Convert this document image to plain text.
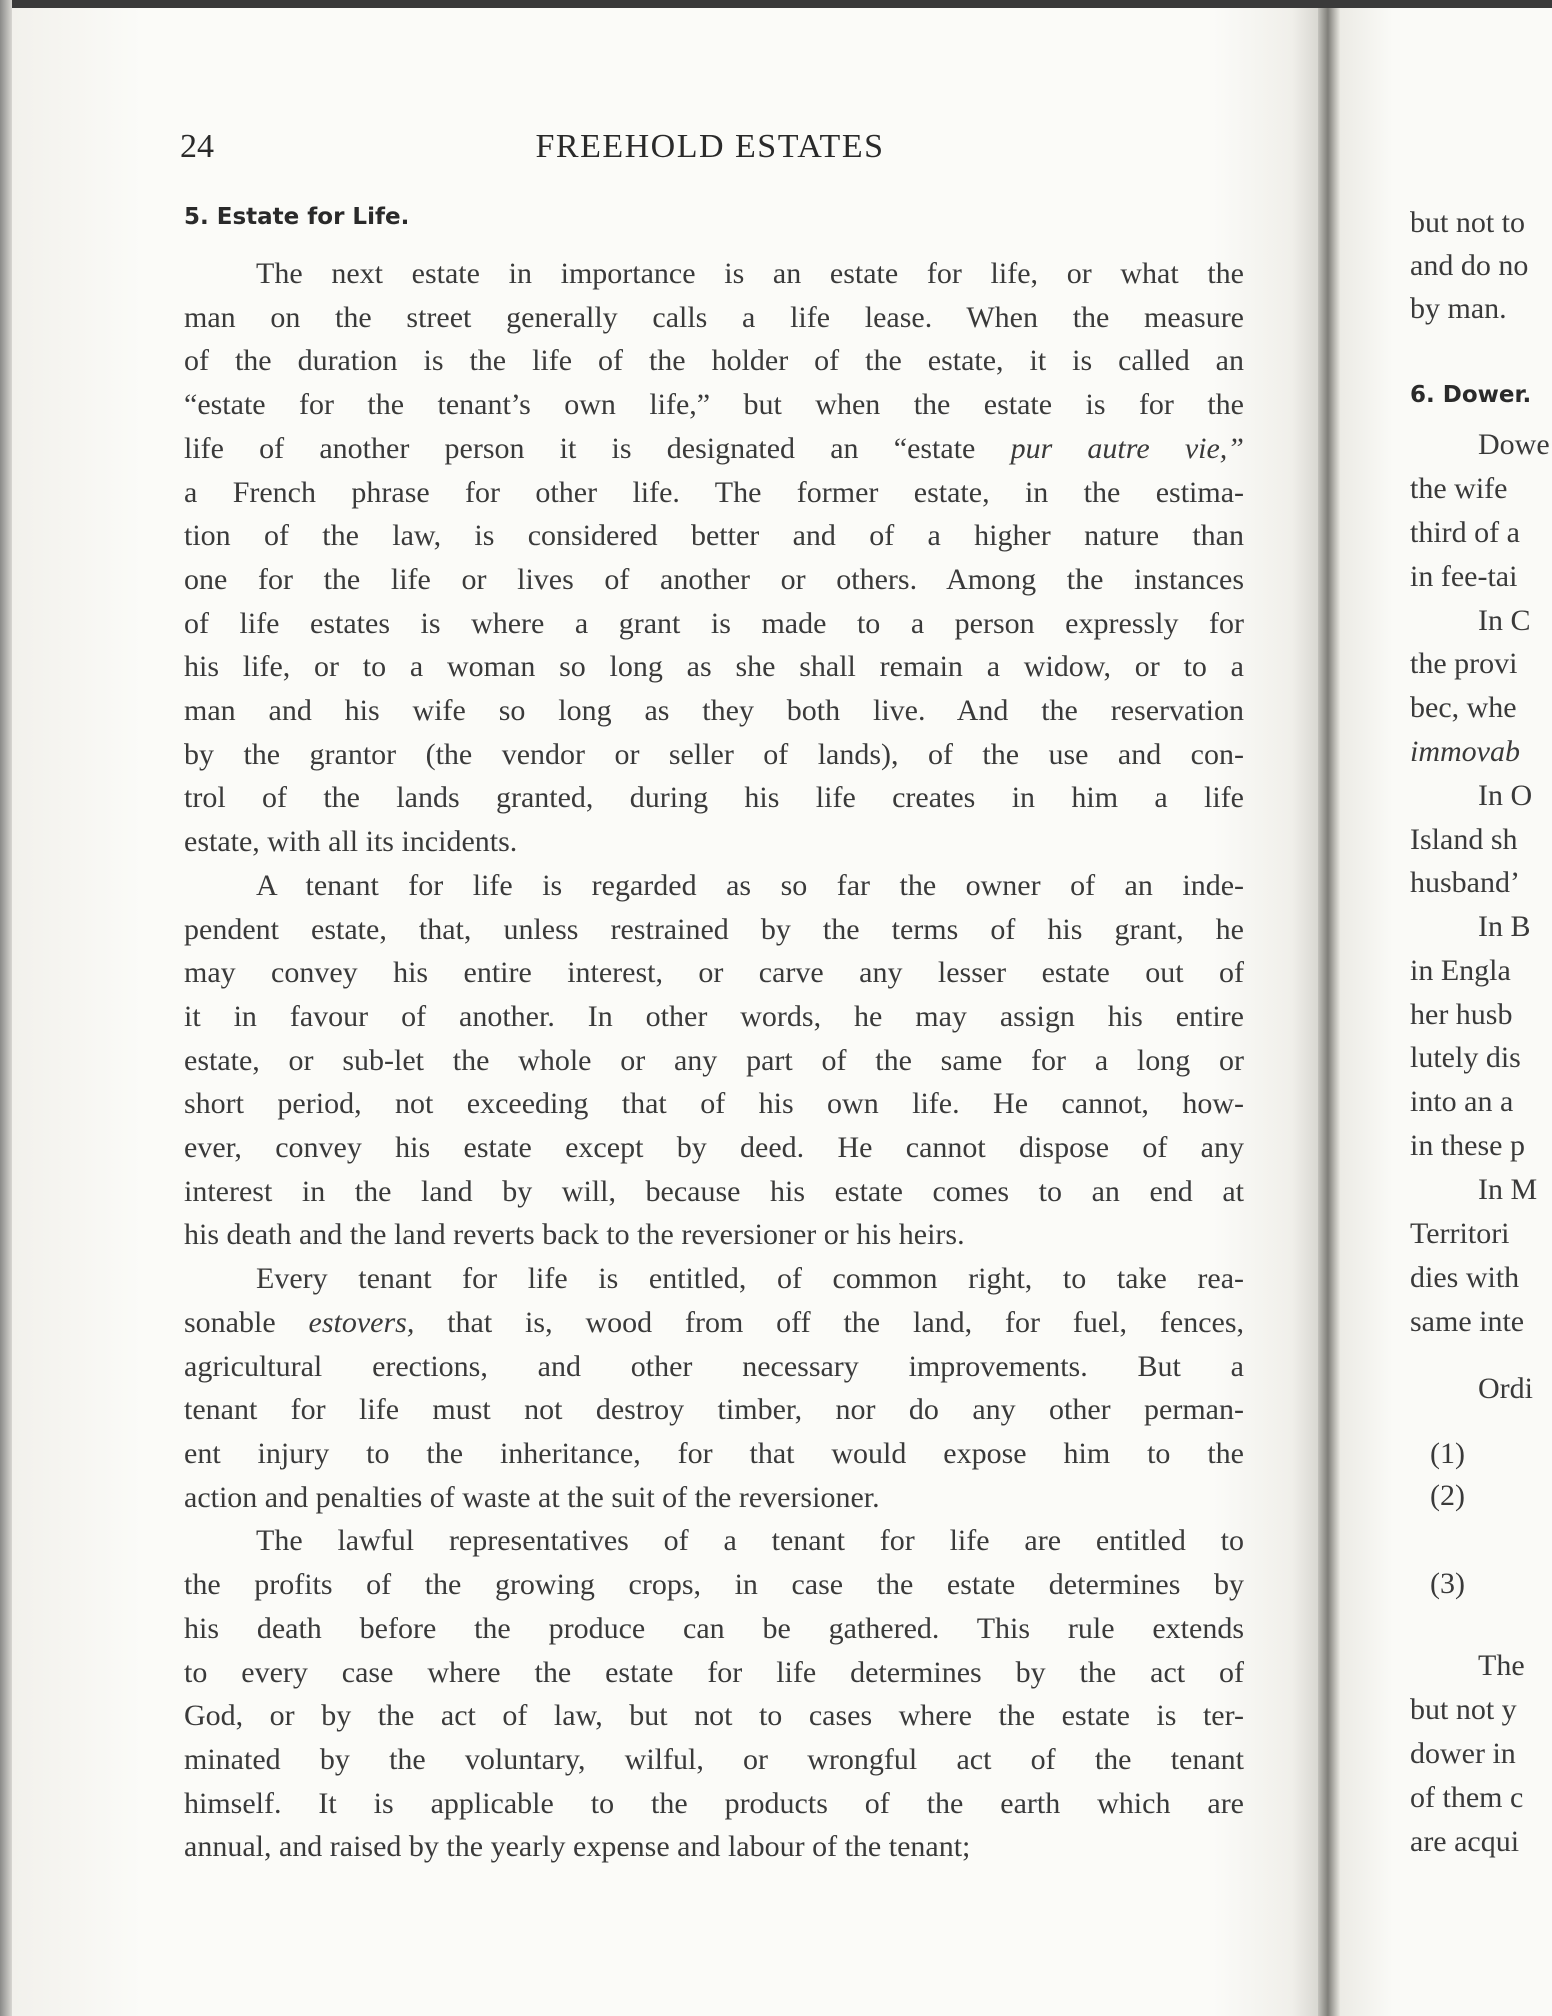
24	FREEHOLD ESTATES
5. Estate for Life.

The next estate in importance is an estate for life, or what the
man on the street generally calls a life lease. When the measure
of the duration is the life of the holder of the estate, it is called an
“estate for the tenant’s own life,” but when the estate is for the
life of another person it is designated an “estate pur autre vie,”
a French phrase for other life. The former estate, in the estima-
tion of the law, is considered better and of a higher nature than
one for the life or lives of another or others. Among the instances
of life estates is where a grant is made to a person expressly for
his life, or to a woman so long as she shall remain a widow, or to a
man and his wife so long as they both live. And the reservation
by the grantor (the vendor or seller of lands), of the use and con-
trol of the lands granted, during his life creates in him a life
estate, with all its incidents.

A tenant for life is regarded as so far the owner of an inde-
pendent estate, that, unless restrained by the terms of his grant, he
may convey his entire interest, or carve any lesser estate out of
it in favour of another. In other words, he may assign his entire
estate, or sub-let the whole or any part of the same for a long or
short period, not exceeding that of his own life. He cannot, how-
ever, convey his estate except by deed. He cannot dispose of any
interest in the land by will, because his estate comes to an end at
his death and the land reverts back to the reversioner or his heirs.

Every tenant for life is entitled, of common right, to take rea-
sonable estovers, that is, wood from off the land, for fuel, fences,
agricultural erections, and other necessary improvements. But a
tenant for life must not destroy timber, nor do any other perman-
ent injury to the inheritance, for that would expose him to the
action and penalties of waste at the suit of the reversioner.

The lawful representatives of a tenant for life are entitled to
the profits of the growing crops, in case the estate determines by
his death before the produce can be gathered. This rule extends
to every case where the estate for life determines by the act of
God, or by the act of law, but not to cases where the estate is ter-
minated by the voluntary, wilful, or wrongful act of the tenant
himself. It is applicable to the products of the earth which are
annual, and raised by the yearly expense and labour of the tenant;

but not to
and do no
by man.
6. Dower.
Dowe
the wife
third of a
in fee-tai
In C
the provi
bec, whe
immovab
In O
Island sh
husband’
In B
in Engla
her husb
lutely dis
into an a
in these p
In M
Territori
dies with
same inte
Ordi
(1)
(2)
(3)
The
but not y
dower in
of them c
are acqui
